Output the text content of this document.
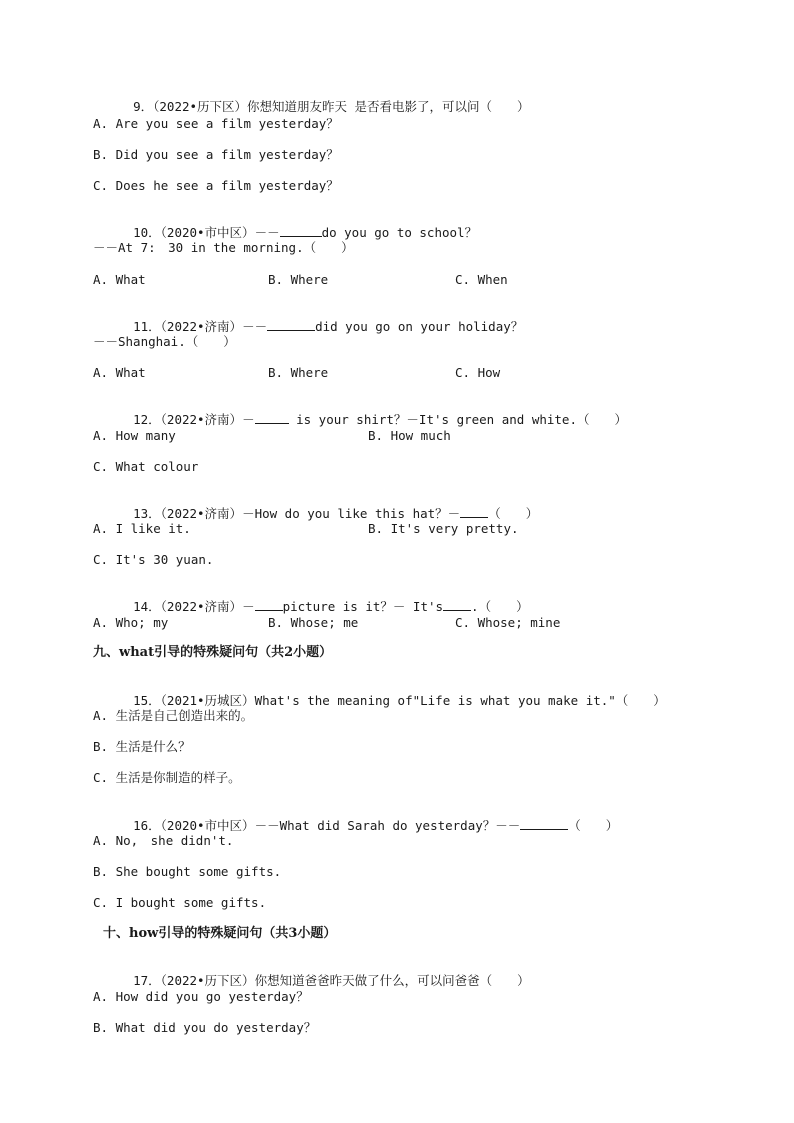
9．（2022•历下区）你想知道朋友昨天 是否看电影了，可以问（　　）

A. Are you see a film yesterday？
B. Did you see a film yesterday？
C. Does he see a film yesterday？

10．（2020•市中区）－－	do you go to school？

－－At 7:　30 in the morning.（　　）
A. What	B. Where	C. When

11．（2022•济南）－－	did you go on your holiday？

－－Shanghai.（　　）
A. What	B. Where	C. How

12．（2022•济南）－	is your shirt？－It's green and white.（　　）

A. How many	B. How much
C. What colour

13．（2022•济南）－How do you like this hat？－ （　　）

A. I like it.	B. It's very pretty.
C. It's 30 yuan.

14．（2022•济南）－ picture is it？－ It's .（　　）

A. Who; my	B. Whose; me	C. Whose; mine
九、what引导的特殊疑问句（共2小题）

15．（2021•历城区）What's the meaning of"Life is what you make it."（　　）

A. 生活是自己创造出来的。
B. 生活是什么？
C. 生活是你制造的样子。

16．（2020•市中区）－－What did Sarah do yesterday？－－	（　　）

A. No,　she didn't.
B. She bought some gifts.
C. I bought some gifts.
十、how引导的特殊疑问句（共3小题）

17．（2022•历下区）你想知道爸爸昨天做了什么，可以问爸爸（　　）

A. How did you go yesterday？
B. What did you do yesterday？
